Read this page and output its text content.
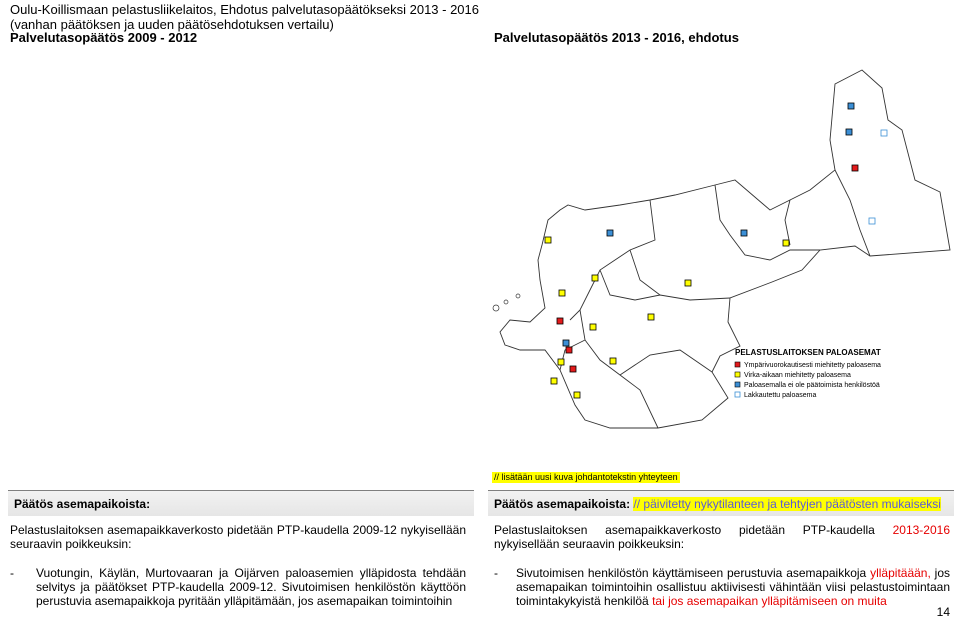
Oulu-Koillismaan pelastusliikelaitos, Ehdotus palvelutasopäätökseksi 2013 - 2016
(vanhan päätöksen ja uuden päätösehdotuksen vertailu)
Palvelutasopäätös 2009 - 2012	Palvelutasopäätös 2013 - 2016, ehdotus
PELASTUSLAITOKSEN PALOASEMAT
Ympärivuorokautisesti miehitetty paloasema
Virka-aikaan miehitetty paloasema
Paloasemalla ei ole päätoimista henkilöstöä
Lakkautettu paloasema
// lisätään uusi kuva johdantotekstin yhteyteen
Päätös asemapaikoista:
Pelastuslaitoksen asemapaikkaverkosto pidetään PTP-kaudella 2009-12 nykyisellään seuraavin poikkeuksin:
- Vuotungin, Käylän, Murtovaaran ja Oijärven paloasemien ylläpidosta tehdään selvitys ja päätökset PTP-kaudella 2009-12. Sivutoimisen henkilöstön käyttöön perustuvia asemapaikkoja pyritään ylläpitämään, jos asemapaikan toimintoihin
Päätös asemapaikoista: // päivitetty nykytilanteen ja tehtyjen päätösten mukaiseksi
Pelastuslaitoksen asemapaikkaverkosto pidetään PTP-kaudella 2013-2016 nykyisellään seuraavin poikkeuksin:
- Sivutoimisen henkilöstön käyttämiseen perustuvia asemapaikkoja ylläpitäään, jos asemapaikan toimintoihin osallistuu aktiivisesti vähintään viisi pelastustoimintaan toimintakykyistä henkilöä tai jos asemapaikan ylläpitämiseen on muita
14
